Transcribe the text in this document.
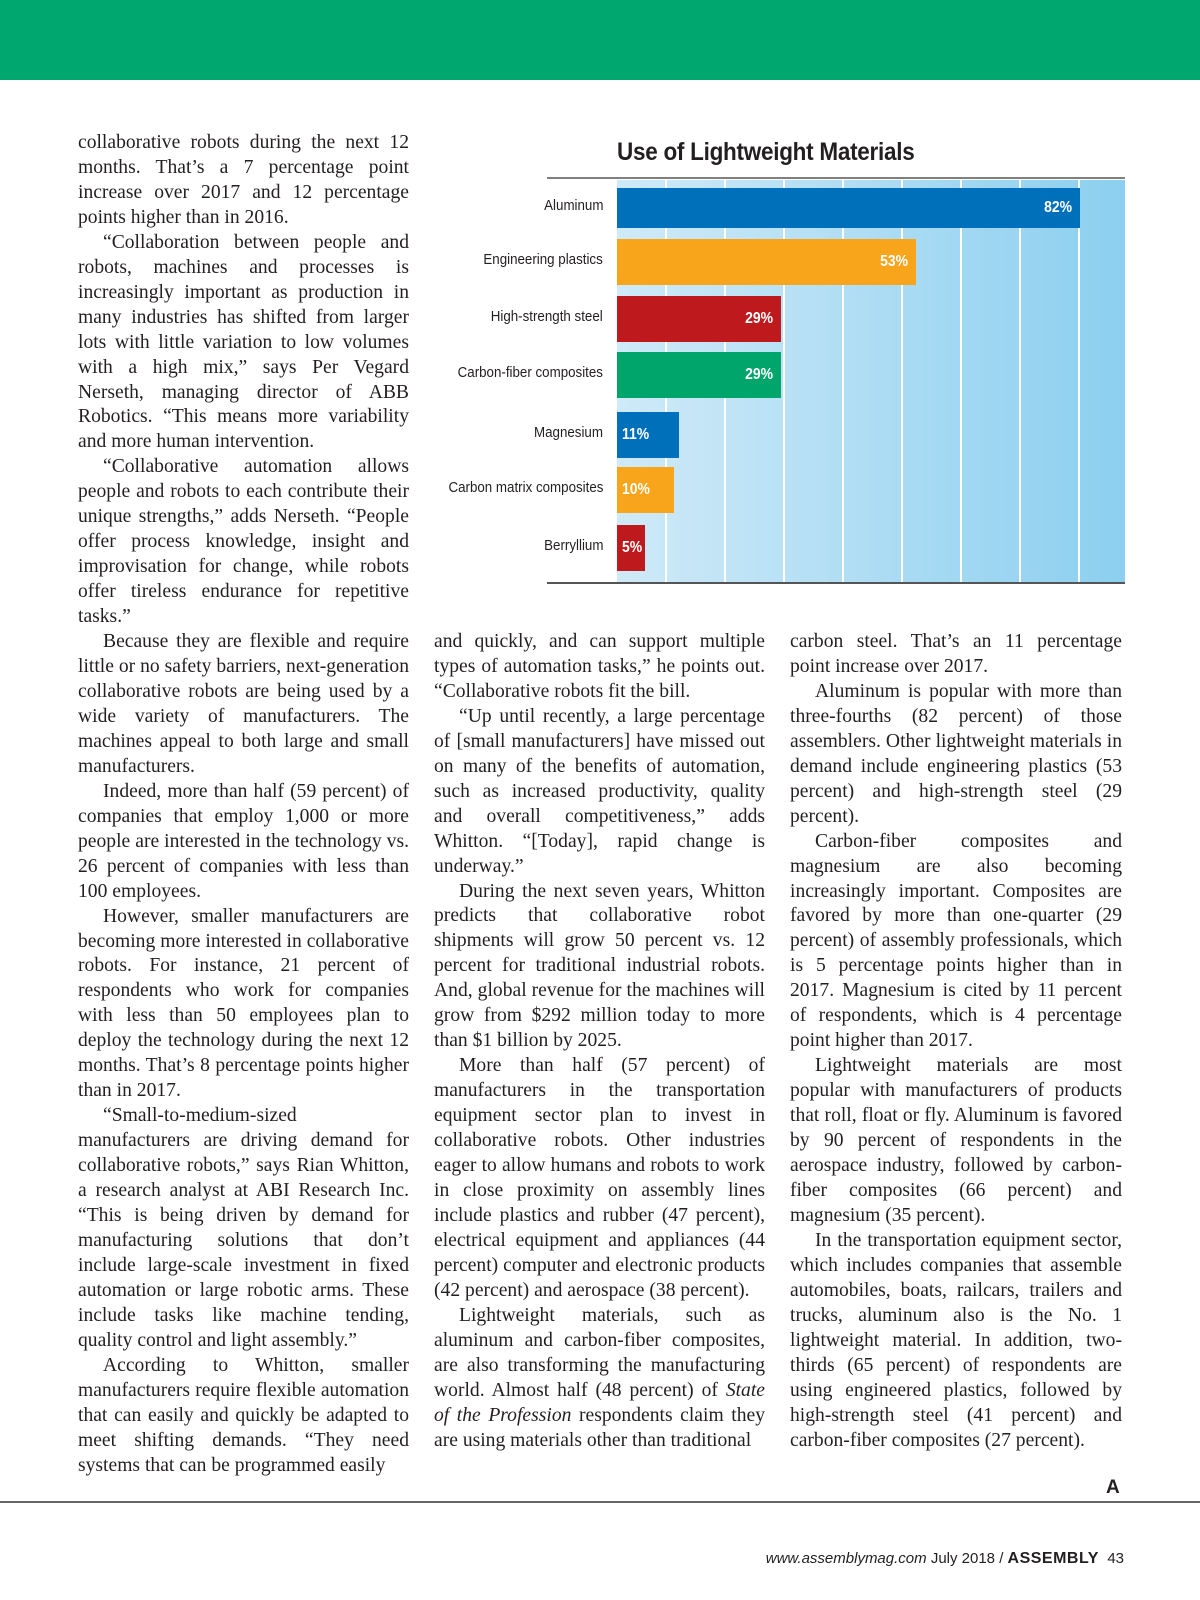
collaborative robots during the next 12 months. That’s a 7 percentage point increase over 2017 and 12 percentage points higher than in 2016.

“Collaboration between people and robots, machines and processes is increasingly important as production in many industries has shifted from larger lots with little variation to low volumes with a high mix,” says Per Vegard Nerseth, managing director of ABB Robotics. “This means more variability and more human intervention.

“Collaborative automation allows people and robots to each contribute their unique strengths,” adds Nerseth. “People offer process knowledge, insight and improvisation for change, while robots offer tireless endurance for repetitive tasks.”

Because they are flexible and require little or no safety barriers, next-generation collaborative robots are being used by a wide variety of manufacturers. The machines appeal to both large and small manufacturers.

Indeed, more than half (59 percent) of companies that employ 1,000 or more people are interested in the technology vs. 26 percent of companies with less than 100 employees.

However, smaller manufacturers are becoming more interested in collaborative robots. For instance, 21 percent of respondents who work for companies with less than 50 employees plan to deploy the technology during the next 12 months. That’s 8 percentage points higher than in 2017.

“Small-to-medium-sized manufacturers are driving demand for collaborative robots,” says Rian Whitton, a research analyst at ABI Research Inc. “This is being driven by demand for manufacturing solutions that don’t include large-scale investment in fixed automation or large robotic arms. These include tasks like machine tending, quality control and light assembly.”

According to Whitton, smaller manufacturers require flexible automation that can easily and quickly be adapted to meet shifting demands. “They need systems that can be programmed easily

and quickly, and can support multiple types of automation tasks,” he points out. “Collaborative robots fit the bill.

“Up until recently, a large percentage of [small manufacturers] have missed out on many of the benefits of automation, such as increased productivity, quality and overall competitiveness,” adds Whitton. “[Today], rapid change is underway.”

During the next seven years, Whitton predicts that collaborative robot shipments will grow 50 percent vs. 12 percent for traditional industrial robots. And, global revenue for the machines will grow from $292 million today to more than $1 billion by 2025.

More than half (57 percent) of manufacturers in the transportation equipment sector plan to invest in collaborative robots. Other industries eager to allow humans and robots to work in close proximity on assembly lines include plastics and rubber (47 percent), electrical equipment and appliances (44 percent) computer and electronic products (42 percent) and aerospace (38 percent).

Lightweight materials, such as aluminum and carbon-fiber composites, are also transforming the manufacturing world. Almost half (48 percent) of State of the Profession respondents claim they are using materials other than traditional

carbon steel. That’s an 11 percentage point increase over 2017.

Aluminum is popular with more than three-fourths (82 percent) of those assemblers. Other lightweight materials in demand include engineering plastics (53 percent) and high-strength steel (29 percent).

Carbon-fiber composites and magnesium are also becoming increasingly important. Composites are favored by more than one-quarter (29 percent) of assembly professionals, which is 5 percentage points higher than in 2017. Magnesium is cited by 11 percent of respondents, which is 4 percentage point higher than 2017.

Lightweight materials are most popular with manufacturers of products that roll, float or fly. Aluminum is favored by 90 percent of respondents in the aerospace industry, followed by carbon-fiber composites (66 percent) and magnesium (35 percent).

In the transportation equipment sector, which includes companies that assemble automobiles, boats, railcars, trailers and trucks, aluminum also is the No. 1 lightweight material. In addition, two-thirds (65 percent) of respondents are using engineered plastics, followed by high-strength steel (41 percent) and carbon-fiber composites (27 percent).

A
Use of Lightweight Materials
Aluminum	82%
Engineering plastics	53%
High-strength steel	29%
Carbon-fiber composites	29%
Magnesium 11%
Carbon matrix composites 10%
Berryllium 5%
www.assemblymag.com July 2018 / ASSEMBLY 43
